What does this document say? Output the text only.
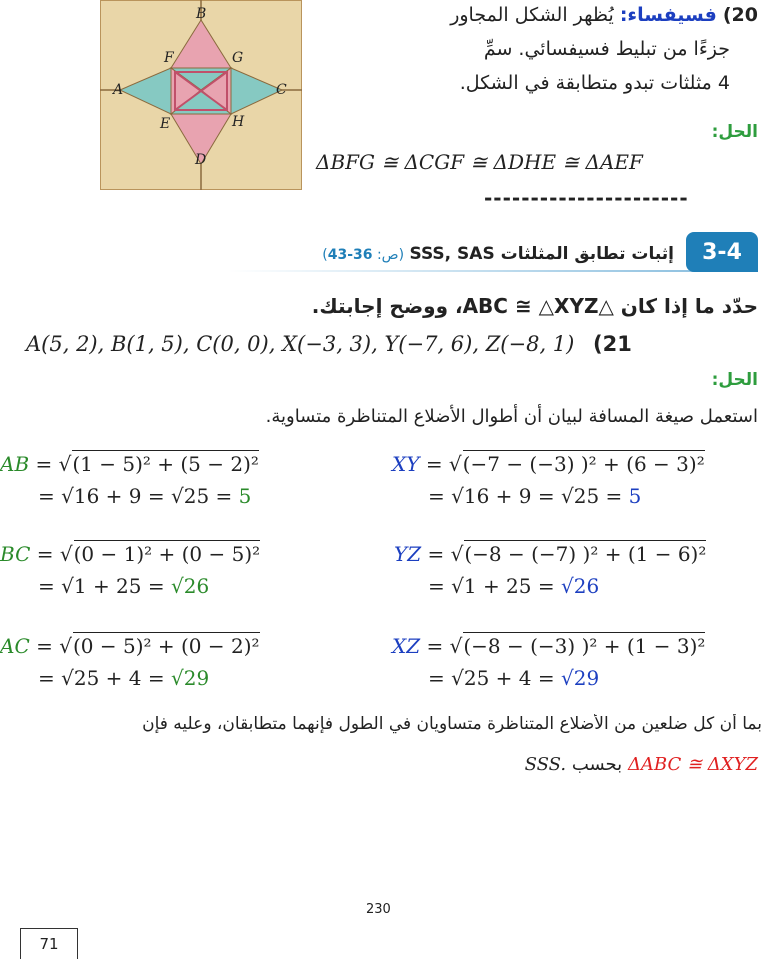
B
F	G
A	C
E	H
D
20) فسيفساء: يُظهر الشكل المجاور
جزءًا من تبليط فسيفسائي. سمِّ
4 مثلثات تبدو متطابقة في الشكل.
الحل:
ΔBFG ≅ ΔCGF ≅ ΔDHE ≅ ΔAEF
----------------------
3-4
إثبات تطابق المثلثات SSS, SAS (ص: 36-43)
حدّد ما إذا كان △ABC ≅ △XYZ، ووضح إجابتك.
A(5, 2), B(1, 5), C(0, 0), X(−3, 3), Y(−7, 6), Z(−8, 1) (21
الحل:
استعمل صيغة المسافة لبيان أن أطوال الأضلاع المتناظرة متساوية.
AB = √(1 − 5)² + (5 − 2)²
= √16 + 9 = √25 = 5
XY = √(−7 − (−3) )² + (6 − 3)²
= √16 + 9 = √25 = 5
BC = √(0 − 1)² + (0 − 5)²
= √1 + 25 = √26
YZ = √(−8 − (−7) )² + (1 − 6)²
= √1 + 25 = √26
AC = √(0 − 5)² + (0 − 2)²
= √25 + 4 = √29
XZ = √(−8 − (−3) )² + (1 − 3)²
= √25 + 4 = √29
بما أن كل ضلعين من الأضلاع المتناظرة متساويان في الطول فإنهما متطابقان، وعليه فإن
ΔABC ≅ ΔXYZ بحسب SSS.
230
71
